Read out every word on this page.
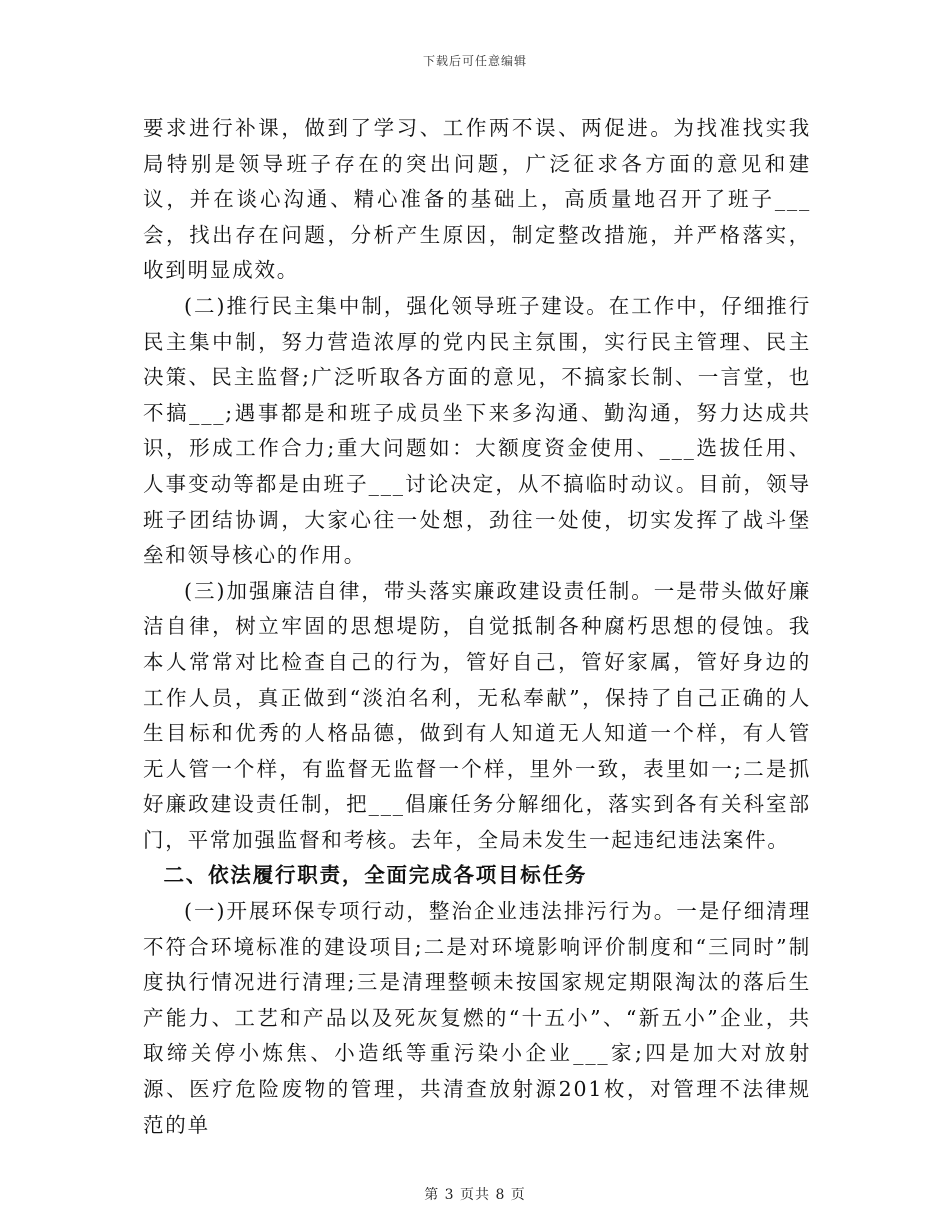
下载后可任意编辑

要求进行补课，做到了学习、工作两不误、两促进。为找准找实我局特别是领导班子存在的突出问题，广泛征求各方面的意见和建议，并在谈心沟通、精心准备的基础上，高质量地召开了班子___会，找出存在问题，分析产生原因，制定整改措施，并严格落实，收到明显成效。

(二)推行民主集中制，强化领导班子建设。在工作中，仔细推行民主集中制，努力营造浓厚的党内民主氛围，实行民主管理、民主决策、民主监督;广泛听取各方面的意见，不搞家长制、一言堂，也不搞___;遇事都是和班子成员坐下来多沟通、勤沟通，努力达成共识，形成工作合力;重大问题如：大额度资金使用、___选拔任用、人事变动等都是由班子___讨论决定，从不搞临时动议。目前，领导班子团结协调，大家心往一处想，劲往一处使，切实发挥了战斗堡垒和领导核心的作用。

(三)加强廉洁自律，带头落实廉政建设责任制。一是带头做好廉洁自律，树立牢固的思想堤防，自觉抵制各种腐朽思想的侵蚀。我本人常常对比检查自己的行为，管好自己，管好家属，管好身边的工作人员，真正做到“淡泊名利，无私奉献”，保持了自己正确的人生目标和优秀的人格品德，做到有人知道无人知道一个样，有人管无人管一个样，有监督无监督一个样，里外一致，表里如一;二是抓好廉政建设责任制，把___倡廉任务分解细化，落实到各有关科室部门，平常加强监督和考核。去年，全局未发生一起违纪违法案件。

二、依法履行职责，全面完成各项目标任务

(一)开展环保专项行动，整治企业违法排污行为。一是仔细清理不符合环境标准的建设项目;二是对环境影响评价制度和“三同时”制度执行情况进行清理;三是清理整顿未按国家规定期限淘汰的落后生产能力、工艺和产品以及死灰复燃的“十五小”、“新五小”企业，共取缔关停小炼焦、小造纸等重污染小企业___家;四是加大对放射源、医疗危险废物的管理，共清查放射源201枚，对管理不法律规范的单

第 3 页共 8 页
